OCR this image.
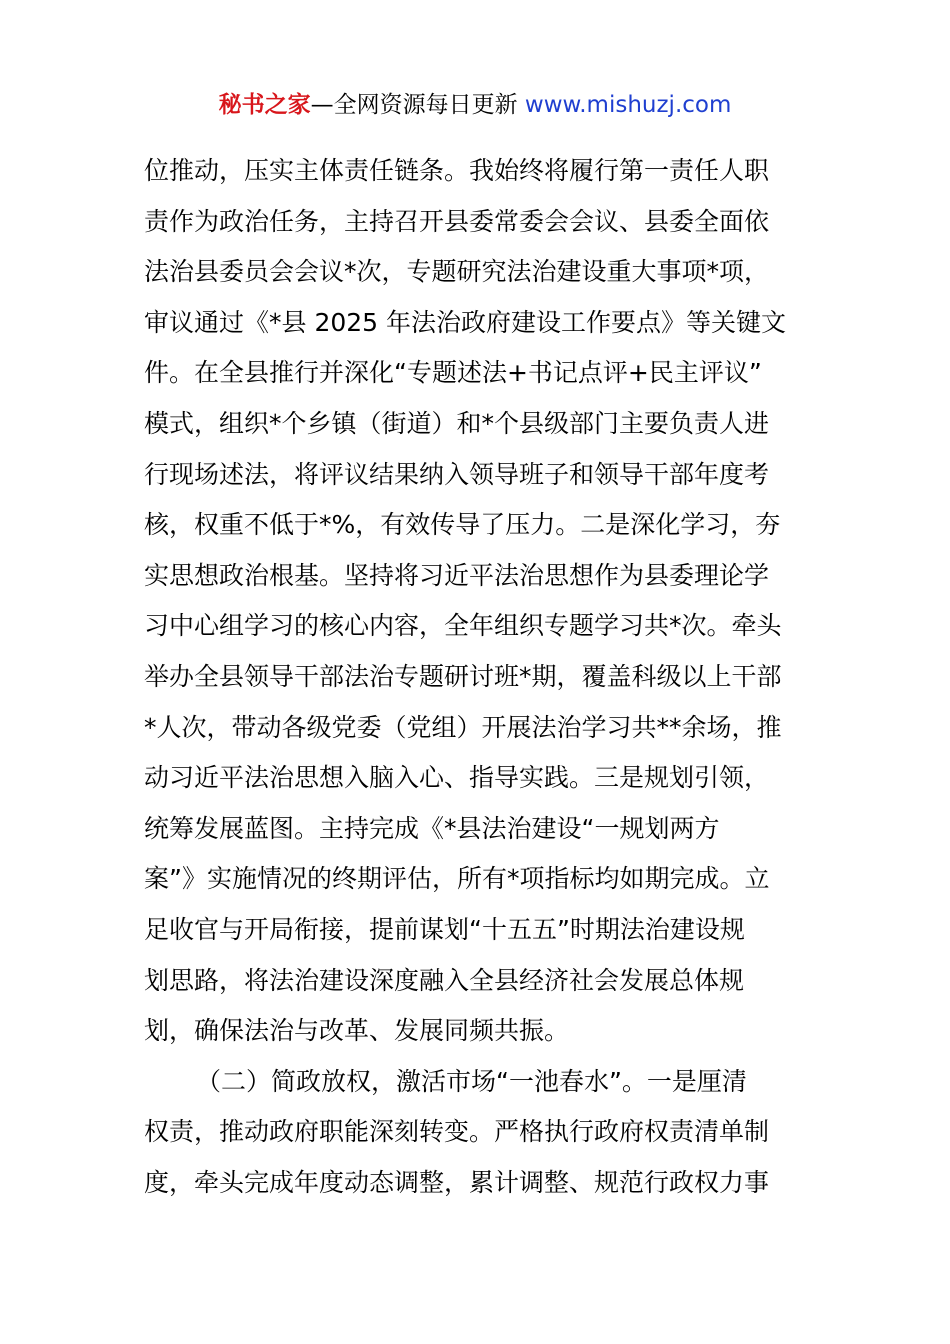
秘书之家—全网资源每日更新 www.mishuzj.com
位推动，压实主体责任链条。我始终将履行第一责任人职
责作为政治任务，主持召开县委常委会会议、县委全面依
法治县委员会会议*次，专题研究法治建设重大事项*项，
审议通过《*县 2025 年法治政府建设工作要点》等关键文
件。在全县推行并深化“专题述法+书记点评+民主评议”
模式，组织*个乡镇（街道）和*个县级部门主要负责人进
行现场述法，将评议结果纳入领导班子和领导干部年度考
核，权重不低于*%，有效传导了压力。二是深化学习，夯
实思想政治根基。坚持将习近平法治思想作为县委理论学
习中心组学习的核心内容，全年组织专题学习共*次。牵头
举办全县领导干部法治专题研讨班*期，覆盖科级以上干部
*人次，带动各级党委（党组）开展法治学习共**余场，推
动习近平法治思想入脑入心、指导实践。三是规划引领，
统筹发展蓝图。主持完成《*县法治建设“一规划两方
案”》实施情况的终期评估，所有*项指标均如期完成。立
足收官与开局衔接，提前谋划“十五五”时期法治建设规
划思路，将法治建设深度融入全县经济社会发展总体规
划，确保法治与改革、发展同频共振。
（二）简政放权，激活市场“一池春水”。一是厘清
权责，推动政府职能深刻转变。严格执行政府权责清单制
度，牵头完成年度动态调整，累计调整、规范行政权力事
